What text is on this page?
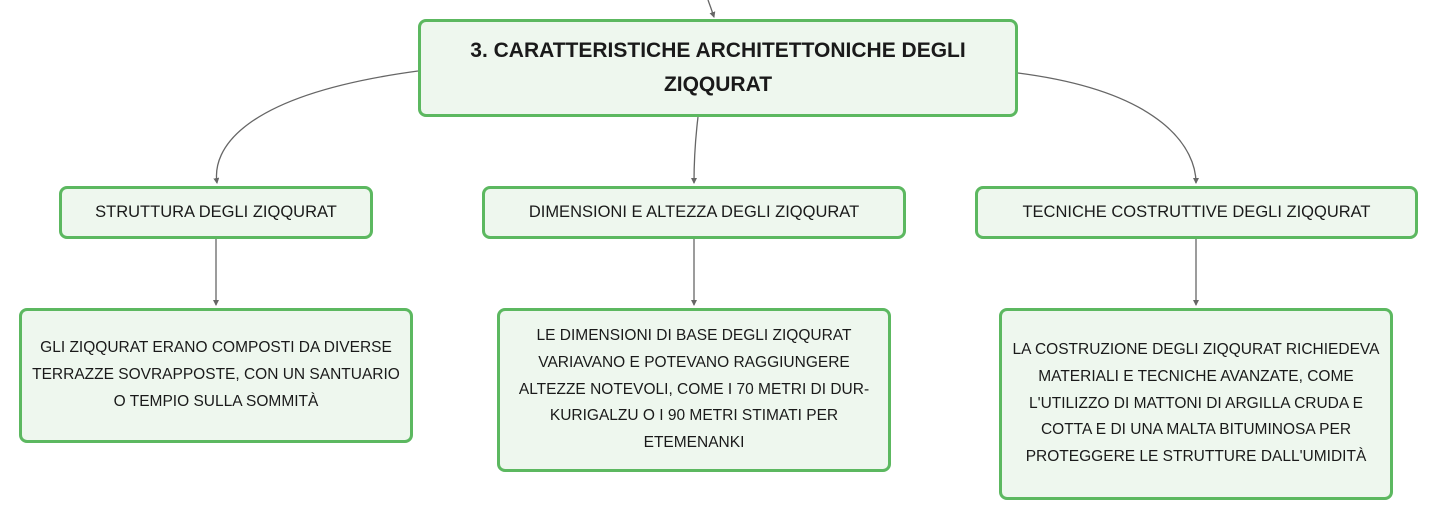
3. CARATTERISTICHE ARCHITETTONICHE DEGLI ZIQQURAT
STRUTTURA DEGLI ZIQQURAT	DIMENSIONI E ALTEZZA DEGLI ZIQQURAT	TECNICHE COSTRUTTIVE DEGLI ZIQQURAT
GLI ZIQQURAT ERANO COMPOSTI DA DIVERSE TERRAZZE SOVRAPPOSTE, CON UN SANTUARIO O TEMPIO SULLA SOMMITÀ
LE DIMENSIONI DI BASE DEGLI ZIQQURAT VARIAVANO E POTEVANO RAGGIUNGERE ALTEZZE NOTEVOLI, COME I 70 METRI DI DUR-KURIGALZU O I 90 METRI STIMATI PER ETEMENANKI
LA COSTRUZIONE DEGLI ZIQQURAT RICHIEDEVA MATERIALI E TECNICHE AVANZATE, COME L'UTILIZZO DI MATTONI DI ARGILLA CRUDA E COTTA E DI UNA MALTA BITUMINOSA PER PROTEGGERE LE STRUTTURE DALL'UMIDITÀ
